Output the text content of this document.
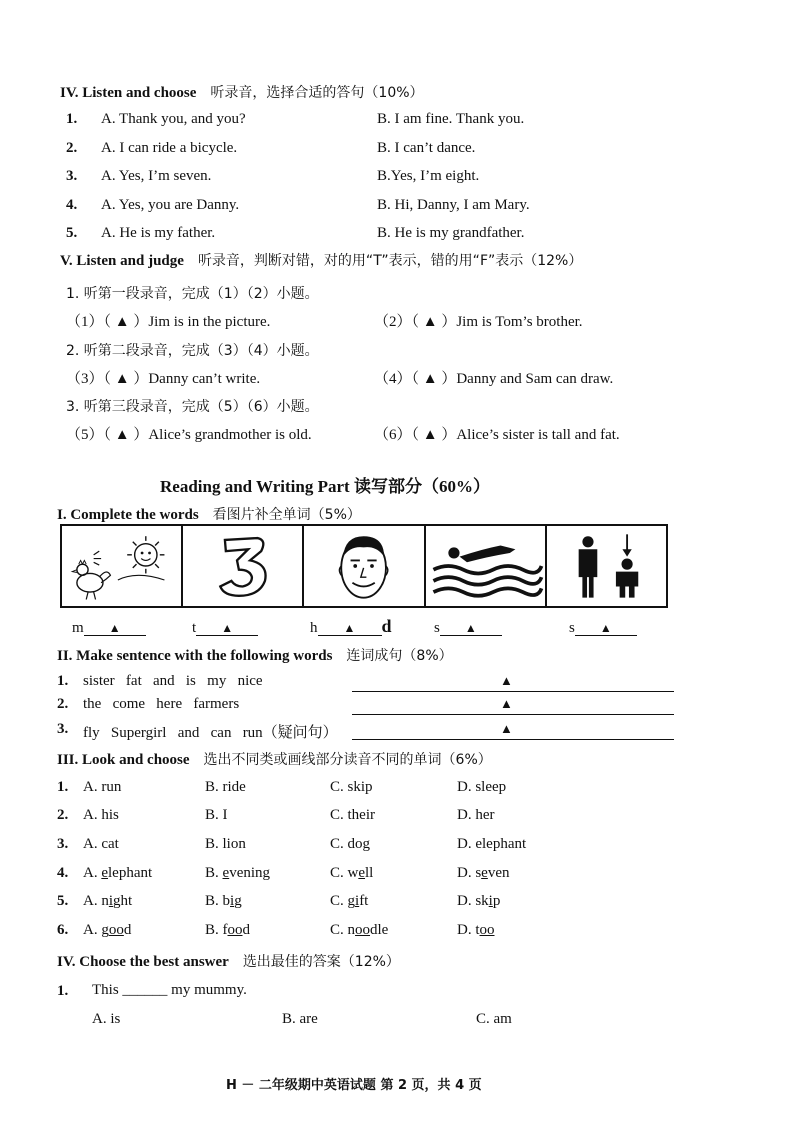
IV. Listen and choose 听录音，选择合适的答句（10%）
1. A. Thank you, and you?	B. I am fine. Thank you.
2. A. I can ride a bicycle.	B. I can’t dance.
3. A. Yes, I’m seven.	B.Yes, I’m eight.
4. A. Yes, you are Danny.	B. Hi, Danny, I am Mary.
5. A. He is my father.	B. He is my grandfather.
V. Listen and judge 听录音，判断对错，对的用“T”表示，错的用“F”表示（12%）
1. 听第一段录音，完成（1）（2）小题。
（1）（ ▲ ）Jim is in the picture.	（2）（ ▲ ）Jim is Tom’s brother.
2. 听第二段录音，完成（3）（4）小题。
（3）（ ▲ ）Danny can’t write.	（4）（ ▲ ）Danny and Sam can draw.
3. 听第三段录音，完成（5）（6）小题。
（5）（ ▲ ）Alice’s grandmother is old.	（6）（ ▲ ）Alice’s sister is tall and fat.
Reading and Writing Part 读写部分（60%）
I. Complete the words 看图片补全单词（5%）
m ▲	t ▲	h ▲ d	s ▲	s ▲
II. Make sentence with the following words 连词成句（8%）
1. sister   fat   and   is   my   nice	▲
2. the   come   here   farmers	▲
3. fly   Supergirl   and   can   run（疑问句）	▲
III. Look and choose 选出不同类或画线部分读音不同的单词（6%）
1. A. run	B. ride	C. skip	D. sleep
2. A. his	B. I	C. their	D. her
3. A. cat	B. lion	C. dog	D. elephant
4. A. elephant	B. evening	C. well	D. seven
5. A. night	B. big	C. gift	D. skip
6. A. good	B. food	C. noodle	D. too
IV. Choose the best answer 选出最佳的答案（12%）
1. This ______ my mummy.
A. is	B. are	C. am
H － 二年级期中英语试题 第 2 页，共 4 页
